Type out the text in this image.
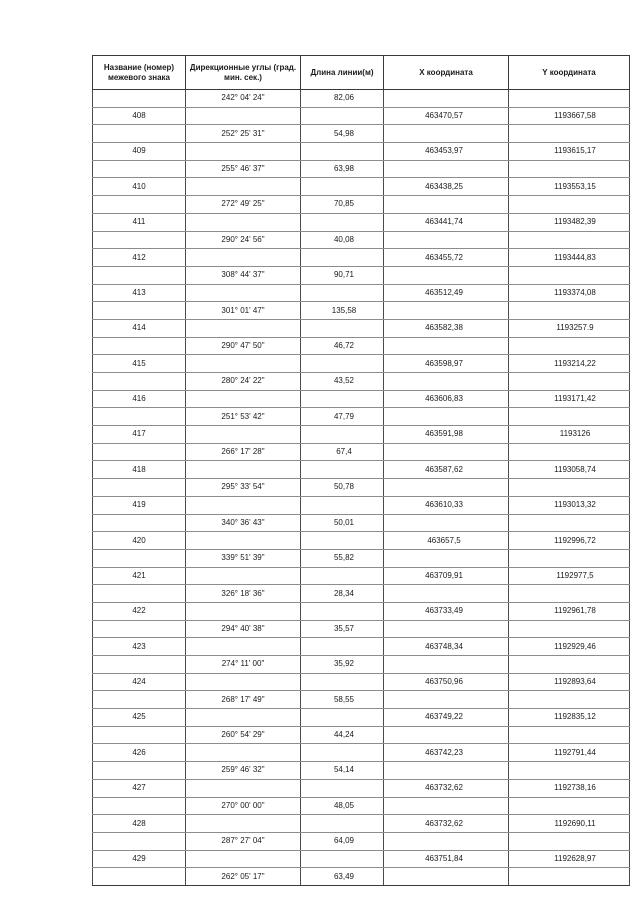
Название (номер) межевого знака	Дирекционные углы (град. мин. сек.)	Длина линии(м)	X координата	Y координата
	242° 04' 24"	82,06		
408			463470,57	1193667,58
	252° 25' 31"	54,98		
409			463453,97	1193615,17
	255° 46' 37"	63,98		
410			463438,25	1193553,15
	272° 49' 25"	70,85		
411			463441,74	1193482,39
	290° 24' 56"	40,08		
412			463455,72	1193444,83
	308° 44' 37"	90,71		
413			463512,49	1193374,08
	301° 01' 47"	135,58		
414			463582,38	1193257.9
	290° 47' 50"	46,72		
415			463598,97	1193214,22
	280° 24' 22"	43,52		
416			463606,83	1193171,42
	251° 53' 42"	47,79		
417			463591,98	1193126
	266° 17' 28"	67,4		
418			463587,62	1193058,74
	295° 33' 54"	50,78		
419			463610,33	1193013,32
	340° 36' 43"	50,01		
420			463657,5	1192996,72
	339° 51' 39"	55,82		
421			463709,91	1192977,5
	326° 18' 36"	28,34		
422			463733,49	1192961,78
	294° 40' 38"	35,57		
423			463748,34	1192929,46
	274° 11' 00"	35,92		
424			463750,96	1192893,64
	268° 17' 49"	58,55		
425			463749,22	1192835,12
	260° 54' 29"	44,24		
426			463742,23	1192791,44
	259° 46' 32"	54,14		
427			463732,62	1192738,16
	270° 00' 00"	48,05		
428			463732,62	1192690,11
	287° 27' 04"	64,09		
429			463751,84	1192628,97
	262° 05' 17"	63,49		
